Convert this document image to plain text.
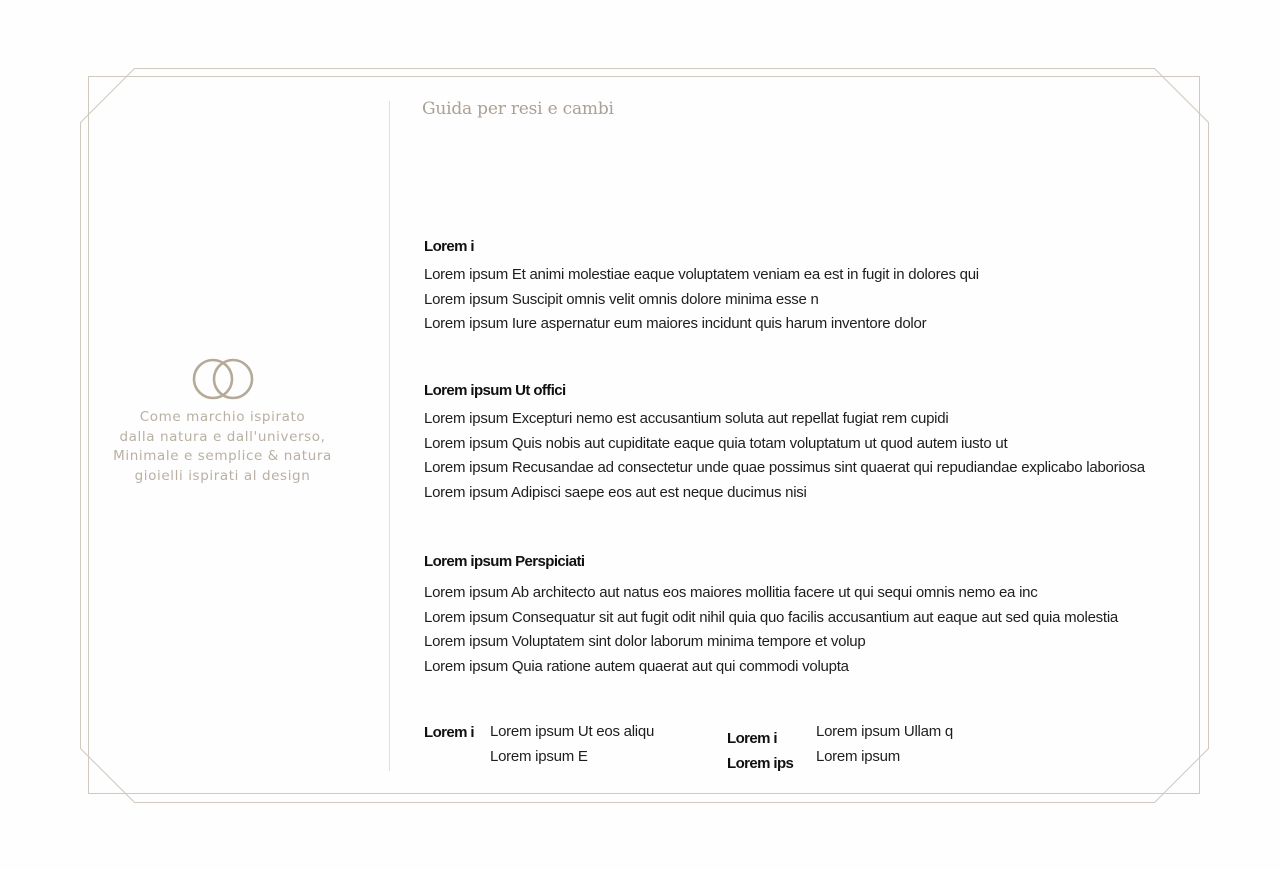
Come marchio ispirato
dalla natura e dall'universo,
Minimale e semplice & natura
gioielli ispirati al design
Guida per resi e cambi
Lorem i
Lorem ipsum Et animi molestiae eaque voluptatem veniam ea est in fugit in dolores qui
Lorem ipsum Suscipit omnis velit omnis dolore minima esse n
Lorem ipsum Iure aspernatur eum maiores incidunt quis harum inventore dolor
Lorem ipsum Ut offici
Lorem ipsum Excepturi nemo est accusantium soluta aut repellat fugiat rem cupidi
Lorem ipsum Quis nobis aut cupiditate eaque quia totam voluptatum ut quod autem iusto ut
Lorem ipsum Recusandae ad consectetur unde quae possimus sint quaerat qui repudiandae explicabo laboriosa
Lorem ipsum Adipisci saepe eos aut est neque ducimus nisi
Lorem ipsum Perspiciati
Lorem ipsum Ab architecto aut natus eos maiores mollitia facere ut qui sequi omnis nemo ea inc
Lorem ipsum Consequatur sit aut fugit odit nihil quia quo facilis accusantium aut eaque aut sed quia molestia
Lorem ipsum Voluptatem sint dolor laborum minima tempore et volup
Lorem ipsum Quia ratione autem quaerat aut qui commodi volupta
Lorem i Lorem ipsum Ut eos aliqu
Lorem ipsum E
Lorem i
Lorem ips
Lorem ipsum Ullam q
Lorem ipsum
